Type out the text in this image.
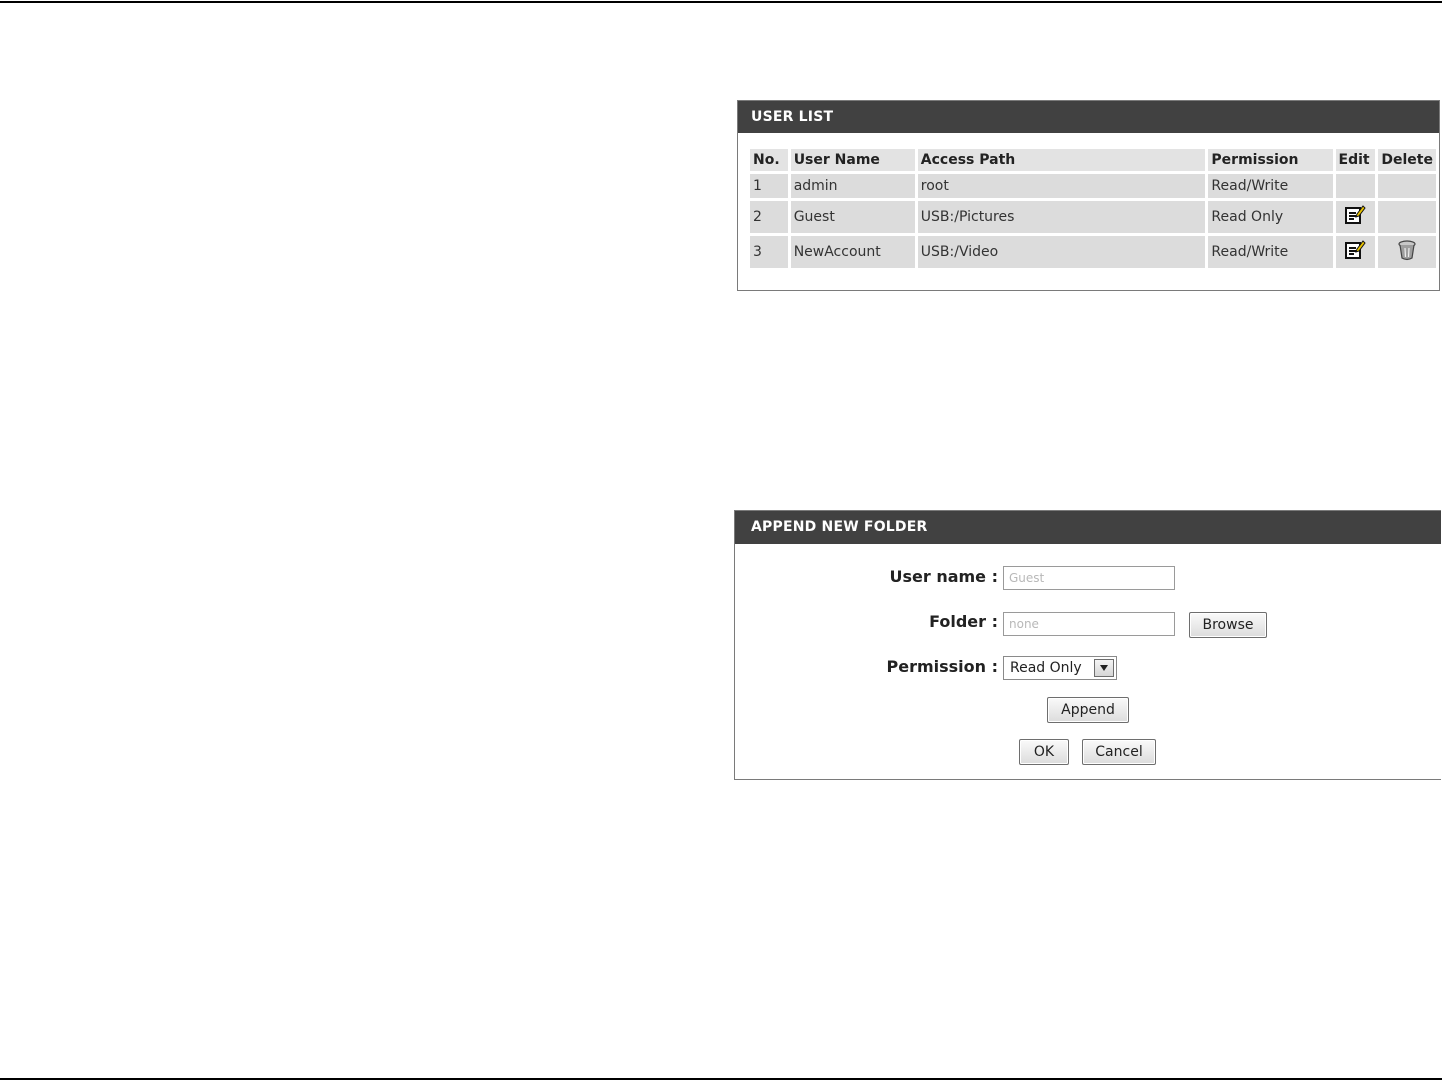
USER LIST
No.	User Name	Access Path	Permission	Edit	Delete
1	admin	root	Read/Write		
2	Guest	USB:/Pictures	Read Only		
3	NewAccount	USB:/Video	Read/Write		
APPEND NEW FOLDER
User name : Guest
Folder : none	Browse
Permission : Read Only
Append
OK	Cancel
